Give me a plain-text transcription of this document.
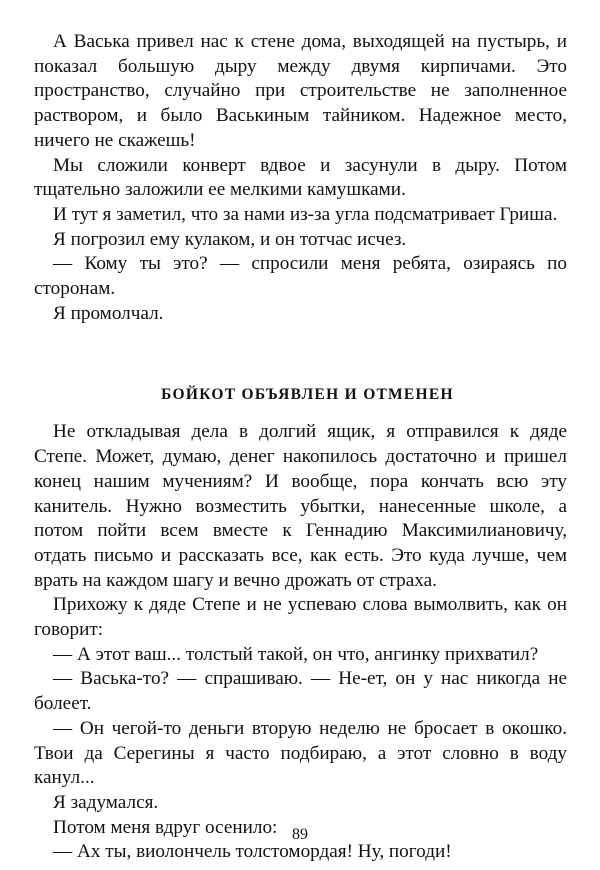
А Васька привел нас к стене дома, выходящей на пустырь, и показал большую дыру между двумя кирпичами. Это пространство, случайно при строительстве не заполненное раствором, и было Васькиным тайником. Надежное место, ничего не скажешь!

Мы сложили конверт вдвое и засунули в дыру. Потом тщательно заложили ее мелкими камушками.

И тут я заметил, что за нами из-за угла подсматривает Гриша.

Я погрозил ему кулаком, и он тотчас исчез.

— Кому ты это? — спросили меня ребята, озираясь по сторонам.

Я промолчал.

БОЙКОТ ОБЪЯВЛЕН И ОТМЕНЕН

Не откладывая дела в долгий ящик, я отправился к дяде Степе. Может, думаю, денег накопилось достаточно и пришел конец нашим мучениям? И вообще, пора кончать всю эту канитель. Нужно возместить убытки, нанесенные школе, а потом пойти всем вместе к Геннадию Максимилиановичу, отдать письмо и рассказать все, как есть. Это куда лучше, чем врать на каждом шагу и вечно дрожать от страха.

Прихожу к дяде Степе и не успеваю слова вымолвить, как он говорит:

— А этот ваш... толстый такой, он что, ангинку прихватил?

— Васька-то? — спрашиваю. — Не-ет, он у нас никогда не болеет.

— Он чегой-то деньги вторую неделю не бросает в окошко. Твои да Серегины я часто подбираю, а этот словно в воду канул...

Я задумался.

Потом меня вдруг осенило:

— Ах ты, виолончель толстомордая! Ну, погоди!

89
